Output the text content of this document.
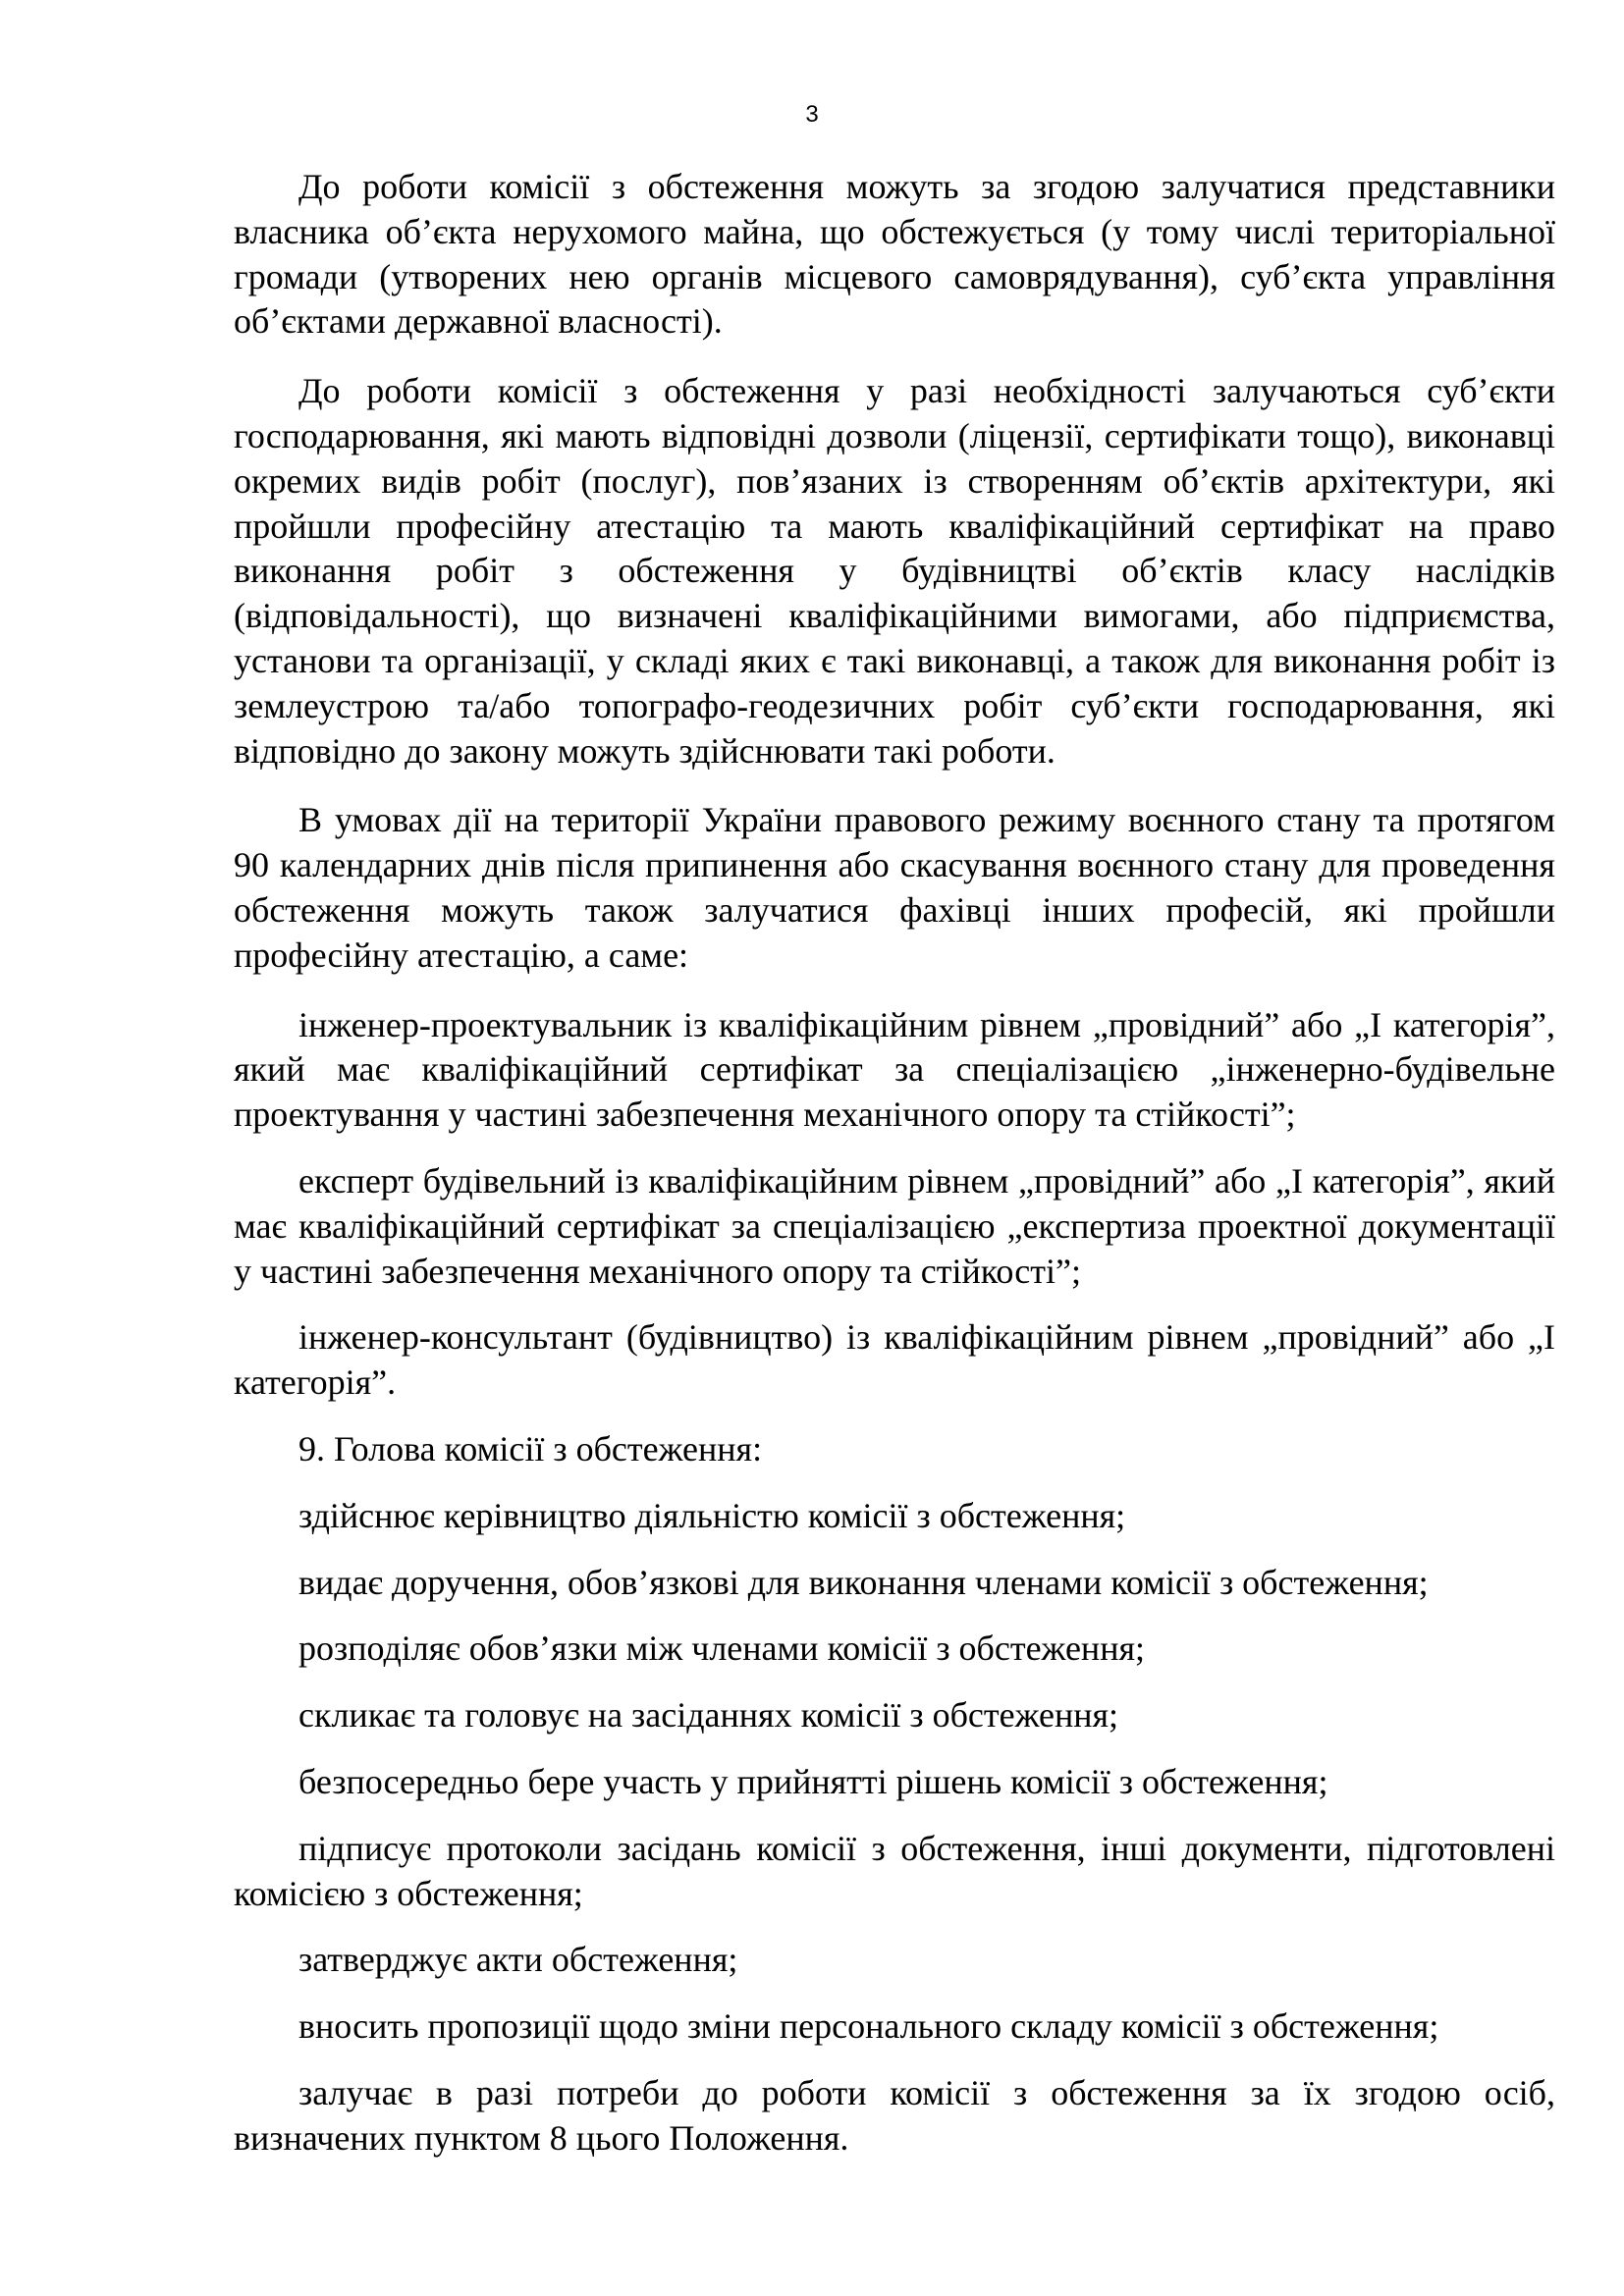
3

До роботи комісії з обстеження можуть за згодою залучатися представники власника об’єкта нерухомого майна, що обстежується (у тому числі територіальної громади (утворених нею органів місцевого самоврядування), суб’єкта управління об’єктами державної власності).

До роботи комісії з обстеження у разі необхідності залучаються суб’єкти господарювання, які мають відповідні дозволи (ліцензії, сертифікати тощо), виконавці окремих видів робіт (послуг), пов’язаних із створенням об’єктів архітектури, які пройшли професійну атестацію та мають кваліфікаційний сертифікат на право виконання робіт з обстеження у будівництві об’єктів класу наслідків (відповідальності), що визначені кваліфікаційними вимогами, або підприємства, установи та організації, у складі яких є такі виконавці, а також для виконання робіт із землеустрою та/або топографо-геодезичних робіт суб’єкти господарювання, які відповідно до закону можуть здійснювати такі роботи.

В умовах дії на території України правового режиму воєнного стану та протягом 90 календарних днів після припинення або скасування воєнного стану для проведення обстеження можуть також залучатися фахівці інших професій, які пройшли професійну атестацію, а саме:

інженер-проектувальник із кваліфікаційним рівнем „провідний” або „І категорія”, який має кваліфікаційний сертифікат за спеціалізацією „інженерно-будівельне проектування у частині забезпечення механічного опору та стійкості”;

експерт будівельний із кваліфікаційним рівнем „провідний” або „І категорія”, який має кваліфікаційний сертифікат за спеціалізацією „експертиза проектної документації у частині забезпечення механічного опору та стійкості”;

інженер-консультант (будівництво) із кваліфікаційним рівнем „провідний” або „І категорія”.

9. Голова комісії з обстеження:

здійснює керівництво діяльністю комісії з обстеження;

видає доручення, обов’язкові для виконання членами комісії з обстеження;

розподіляє обов’язки між членами комісії з обстеження;

скликає та головує на засіданнях комісії з обстеження;

безпосередньо бере участь у прийнятті рішень комісії з обстеження;

підписує протоколи засідань комісії з обстеження, інші документи, підготовлені комісією з обстеження;

затверджує акти обстеження;

вносить пропозиції щодо зміни персонального складу комісії з обстеження;

залучає в разі потреби до роботи комісії з обстеження за їх згодою осіб, визначених пунктом 8 цього Положення.
